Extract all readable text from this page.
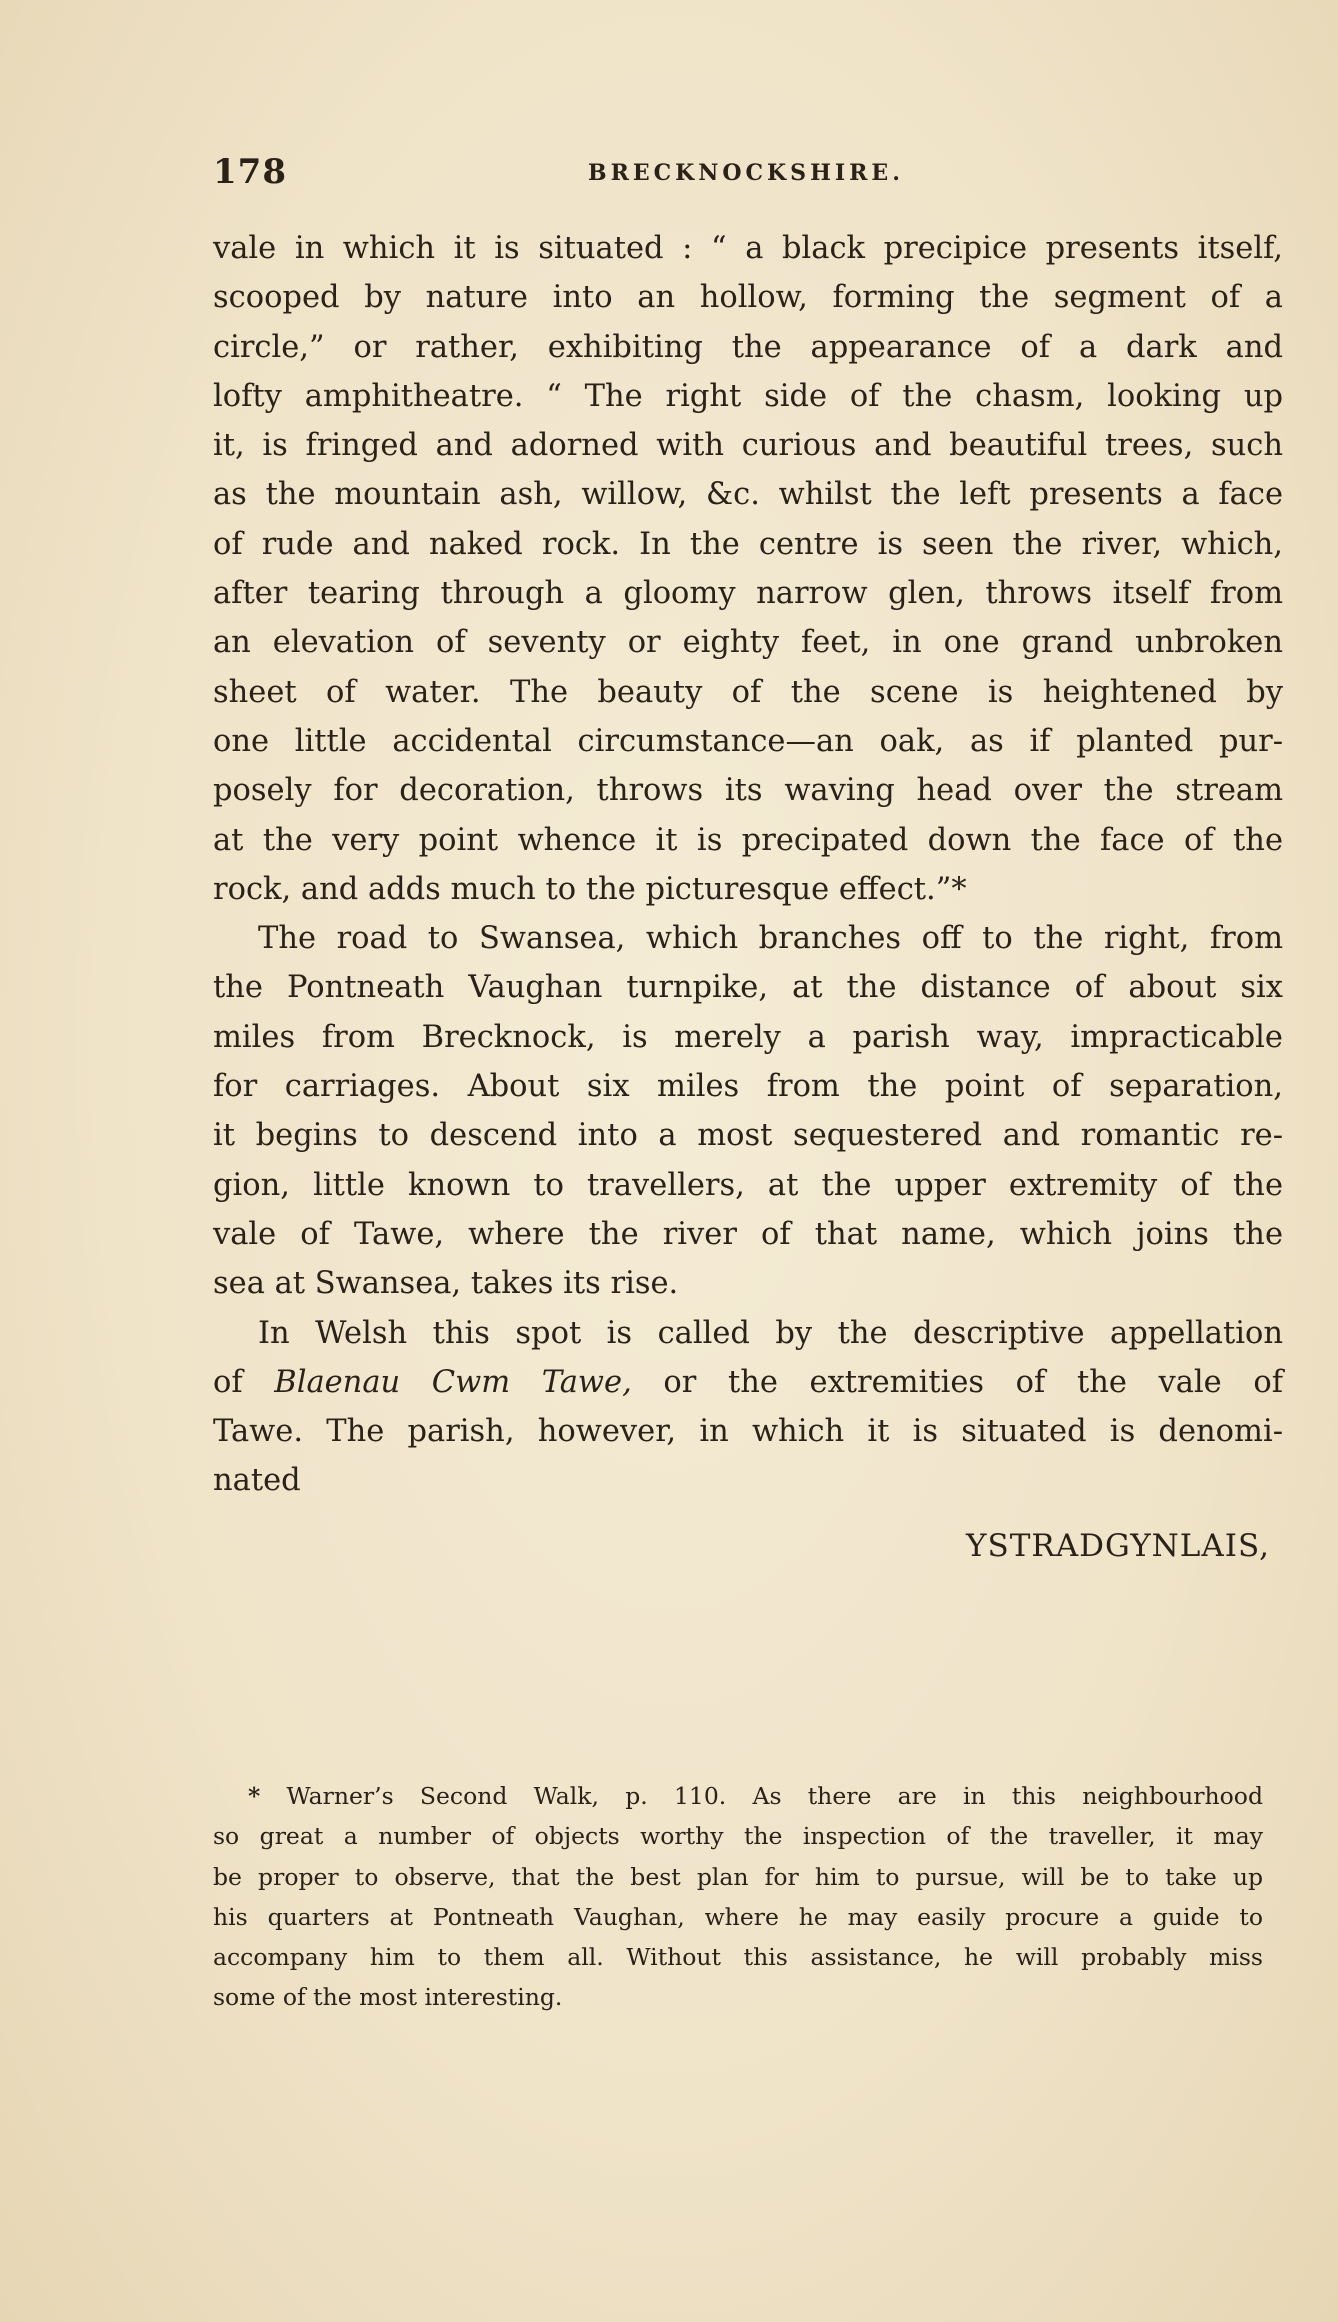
178	BRECKNOCKSHIRE.
vale in which it is situated : “ a black precipice presents itself,
scooped by nature into an hollow, forming the segment of a
circle,” or rather, exhibiting the appearance of a dark and
lofty amphitheatre. “ The right side of the chasm, looking up
it, is fringed and adorned with curious and beautiful trees, such
as the mountain ash, willow, &c. whilst the left presents a face
of rude and naked rock. In the centre is seen the river, which,
after tearing through a gloomy narrow glen, throws itself from
an elevation of seventy or eighty feet, in one grand unbroken
sheet of water. The beauty of the scene is heightened by
one little accidental circumstance—an oak, as if planted pur-
posely for decoration, throws its waving head over the stream
at the very point whence it is precipated down the face of the
rock, and adds much to the picturesque effect.”*
The road to Swansea, which branches off to the right, from
the Pontneath Vaughan turnpike, at the distance of about six
miles from Brecknock, is merely a parish way, impracticable
for carriages. About six miles from the point of separation,
it begins to descend into a most sequestered and romantic re-
gion, little known to travellers, at the upper extremity of the
vale of Tawe, where the river of that name, which joins the
sea at Swansea, takes its rise.
In Welsh this spot is called by the descriptive appellation
of Blaenau Cwm Tawe, or the extremities of the vale of
Tawe. The parish, however, in which it is situated is denomi-
nated
YSTRADGYNLAIS,
* Warner’s Second Walk, p. 110. As there are in this neighbourhood
so great a number of objects worthy the inspection of the traveller, it may
be proper to observe, that the best plan for him to pursue, will be to take up
his quarters at Pontneath Vaughan, where he may easily procure a guide to
accompany him to them all. Without this assistance, he will probably miss
some of the most interesting.
